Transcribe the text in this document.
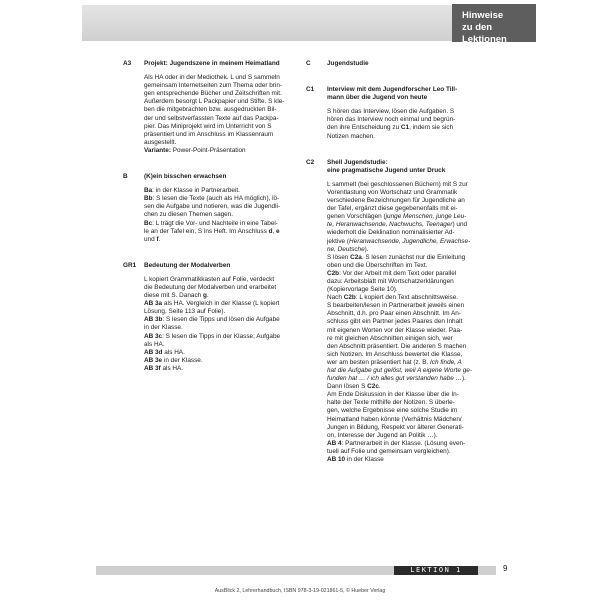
Hinweise
zu den Lektionen
A3	Projekt: Jugendszene in meinem Heimatland

Als HA oder in der Mediothek. L und S sammeln

gemeinsam Internetseiten zum Thema oder brin-

gen entsprechende Bücher und Zeitschriften mit.

Außerdem besorgt L Packpapier und Stifte. S kle-

ben die mitgebrachten bzw. ausgedruckten Bil-

der und selbstverfassten Texte auf das Packpa-

pier. Das Miniprojekt wird im Unterricht von S

präsentiert und im Anschluss im Klassenraum

ausgestellt.

Variante: Power-Point-Präsentation

B	(K)ein bisschen erwachsen

Ba: in der Klasse in Partnerarbeit.

Bb: S lesen die Texte (auch als HA möglich), lö-

sen die Aufgabe und notieren, was die Jugendli-

chen zu diesen Themen sagen.

Bc: L trägt die Vor- und Nachteile in eine Tabel-

le an der Tafel ein, S ins Heft. Im Anschluss d, e

und f.

GR1	Bedeutung der Modalverben

L kopiert Grammatikkasten auf Folie, verdeckt

die Bedeutung der Modalverben und erarbeitet

diese mit S. Danach g.

AB 3a als HA. Vergleich in der Klasse (L kopiert

Lösung, Seite 113 auf Folie).

AB 3b: S lesen die Tipps und lösen die Aufgabe

in der Klasse.

AB 3c: S lesen die Tipps in der Klasse; Aufgabe

als HA.

AB 3d als HA.

AB 3e in der Klasse.

AB 3f als HA.

C	Jugendstudie
C1	Interview mit dem Jugendforscher Leo Till-
mann über die Jugend von heute

S hören das Interview, lösen die Aufgaben. S

hören das Interview noch einmal und begrün-

den ihre Entscheidung zu C1, indem sie sich

Notizen machen.

C2	Shell Jugendstudie:
eine pragmatische Jugend unter Druck

L sammelt (bei geschlossenen Büchern) mit S zur

Vorentlastung von Wortschatz und Grammatik

verschiedene Bezeichnungen für Jugendliche an

der Tafel, ergänzt diese gegebenenfalls mit ei-

genen Vorschlägen (junge Menschen, junge Leu-

te, Heranwachsende, Nachwuchs, Teenager) und

wiederholt die Deklination nominalisierter Ad-

jektive (Heranwachsende, Jugendliche, Erwachse-

ne, Deutsche).

S lösen C2a. S lesen zunächst nur die Einleitung

oben und die Überschriften im Text.

C2b: Vor der Arbeit mit dem Text oder parallel

dazu: Arbeitsblatt mit Wortschatzerklärungen

(Kopiervorlage Seite 10).

Nach C2b: L kopiert den Text abschnittsweise.

S bearbeiten/lesen in Partnerarbeit jeweils einen

Abschnitt, d.h. pro Paar einen Abschnitt. Im An-

schluss gibt ein Partner jedes Paares den Inhalt

mit eigenen Worten vor der Klasse wieder. Paa-

re mit gleichen Abschnitten einigen sich, wer

den Abschnitt präsentiert. Die anderen S machen

sich Notizen. Im Anschluss bewertet die Klasse,

wer am besten präsentiert hat (z. B. Ich finde, A

hat die Aufgabe gut gelöst, weil A eigene Worte ge-

funden hat … / ich alles gut verstanden habe …).

Dann lösen S C2c.

Am Ende Diskussion in der Klasse über die In-

halte der Texte mithilfe der Notizen. S überle-

gen, welche Ergebnisse eine solche Studie im

Heimatland haben könnte (Verhältnis Mädchen/

Jungen in Bildung, Respekt vor älterer Generati-

on, Interesse der Jugend an Politik …).

AB 4: Partnerarbeit in der Klasse. (Lösung even-

tuell auf Folie und gemeinsam vergleichen).

AB 10 in der Klasse

LEKTION 1	9
AusBlick 2, Lehrerhandbuch, ISBN 978-3-19-021861-5, © Hueber Verlag
